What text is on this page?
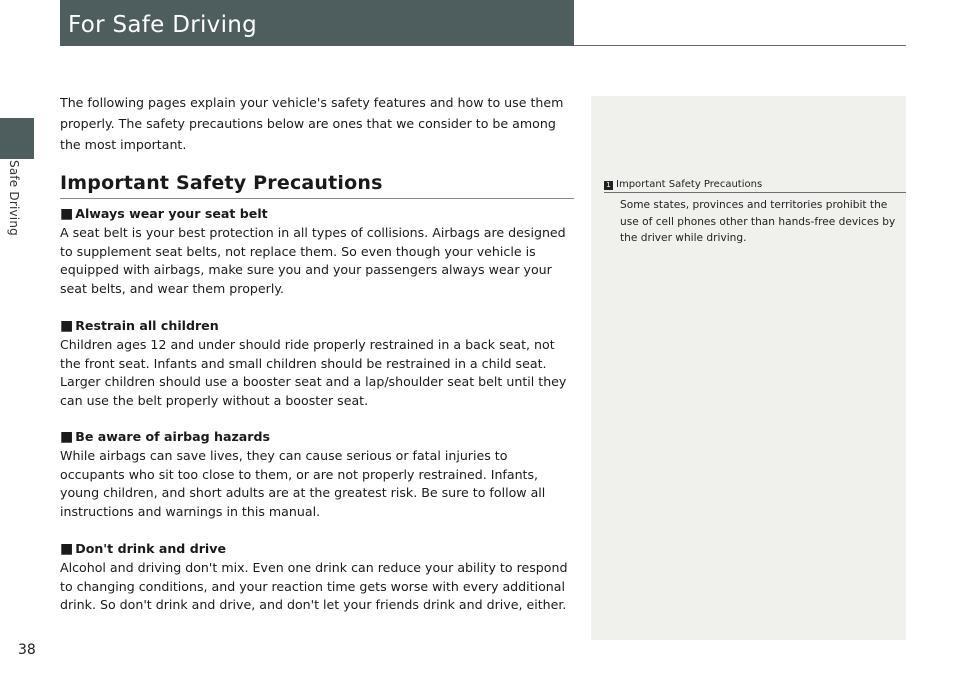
Safe Driving
For Safe Driving

The following pages explain your vehicle's safety features and how to use them properly. The safety precautions below are ones that we consider to be among the most important.

Important Safety Precautions
■ Always wear your seat belt

A seat belt is your best protection in all types of collisions. Airbags are designed to supplement seat belts, not replace them. So even though your vehicle is equipped with airbags, make sure you and your passengers always wear your seat belts, and wear them properly.

■ Restrain all children

Children ages 12 and under should ride properly restrained in a back seat, not the front seat. Infants and small children should be restrained in a child seat. Larger children should use a booster seat and a lap/shoulder seat belt until they can use the belt properly without a booster seat.

■ Be aware of airbag hazards

While airbags can save lives, they can cause serious or fatal injuries to occupants who sit too close to them, or are not properly restrained. Infants, young children, and short adults are at the greatest risk. Be sure to follow all instructions and warnings in this manual.

■ Don't drink and drive

Alcohol and driving don't mix. Even one drink can reduce your ability to respond to changing conditions, and your reaction time gets worse with every additional drink. So don't drink and drive, and don't let your friends drink and drive, either.

1 Important Safety Precautions

Some states, provinces and territories prohibit the use of cell phones other than hands-free devices by the driver while driving.

38
